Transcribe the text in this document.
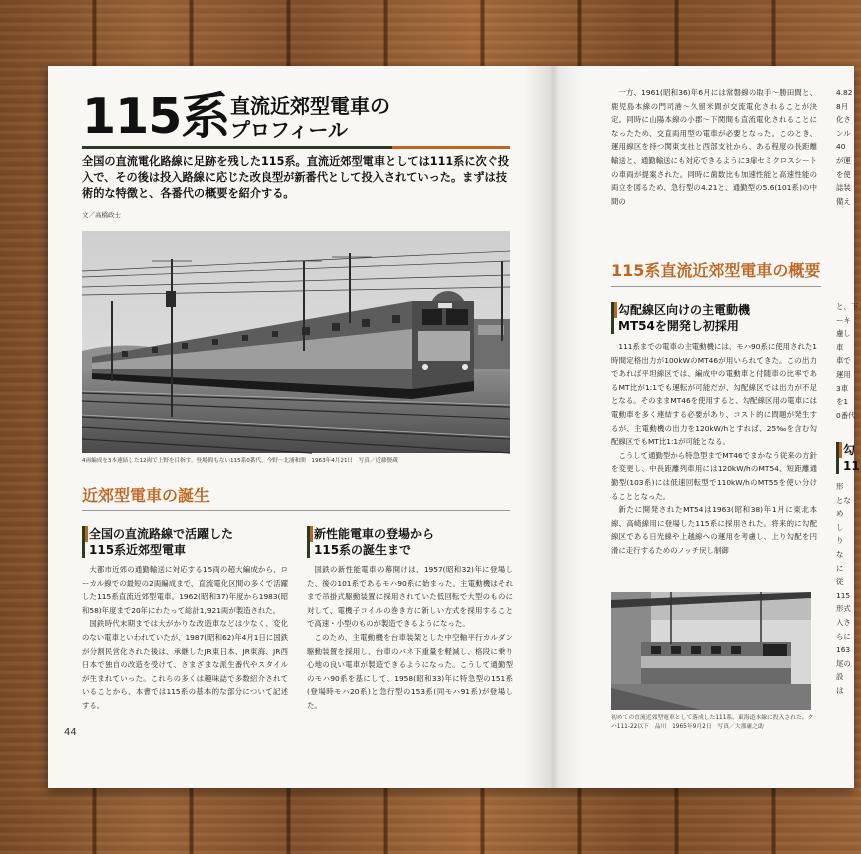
115系 直流近郊型電車の
プロフィール
全国の直流電化路線に足跡を残した115系。直流近郊型電車としては111系に次ぐ投入で、その後は投入路線に応じた改良型が新番代として投入されていった。まずは技術的な特徴と、各番代の概要を紹介する。
文／高橋政士
4両編成を3本連結した12両で上野を目指す。登場間もない115系0番代。今野〜北浦和間　1963年4月21日　写真／近藤賢蔵
近郊型電車の誕生
全国の直流路線で活躍した
115系近郊型電車

大都市近郊の通勤輸送に対応する15両の超大編成から、ローカル線での最短の2両編成まで、直流電化区間の多くで活躍した115系直流近郊型電車。1962(昭和37)年度から1983(昭和58)年度まで20年にわたって総計1,921両が製造された。

国鉄時代末期までは大がかりな改造車などは少なく、変化のない電車といわれていたが、1987(昭和62)年4月1日に国鉄が分割民営化された後は、承継したJR東日本、JR東海、JR西日本で独自の改造を受けて、さまざまな派生番代やスタイルが生まれていった。これらの多くは趣味誌で多数紹介されていることから、本書では115系の基本的な部分について記述する。

新性能電車の登場から
115系の誕生まで

国鉄の新性能電車の幕開けは、1957(昭和32)年に登場した、後の101系であるモハ90系に始まった。主電動機はそれまで吊掛式駆動装置に採用されていた低回転で大型のものに対して、電機子コイルの巻き方に新しい方式を採用することで高速・小型のものが製造できるようになった。

このため、主電動機を台車装架とした中空軸平行カルダン駆動装置を採用し、台車のバネ下重量を軽減し、格段に乗り心地の良い電車が製造できるようになった。こうして通勤型のモハ90系を基にして、1958(昭和33)年に特急型の151系(登場時モハ20系)と急行型の153系(同モハ91系)が登場した。

44

一方、1961(昭和36)年6月には常磐線の取手〜勝田間と、鹿児島本線の門司港〜久留米間が交流電化されることが決定。同時に山陽本線の小郡〜下関間も直流電化されることになったため、交直両用型の電車が必要となった。このとき、運用線区を持つ関東支社と西部支社から、ある程度の長距離輸送と、通勤輸送にも対応できるように3扉セミクロスシートの車両が提案された。同時に歯数比も加速性能と高速性能の両立を図るため、急行型の4.21と、通勤型の5.6(101系)の中間の

115系直流近郊型電車の概要
勾配線区向けの主電動機
MT54を開発し初採用

111系までの電車の主電動機には、モハ90系に使用された1時間定格出力が100kWのMT46が用いられてきた。この出力であれば平坦線区では、編成中の電動車と付随車の比率であるMT比が1:1でも運転が可能だが、勾配線区では出力が不足となる。そのままMT46を使用すると、勾配線区用の電車には電動車を多く連結する必要があり、コスト的に問題が発生するが、主電動機の出力を120kW/hとすれば、25‰を含む勾配線区でもMT比1:1が可能となる。

こうして通勤型から特急型までMT46でまかなう従来の方針を変更し、中長距離列車用には120kW/hのMT54、短距離通勤型(103系)には低速回転型で110kW/hのMT55を使い分けることとなった。

新たに開発されたMT54は1963(昭和38)年1月に東北本線、高崎線用に登場した115系に採用された。将来的に勾配線区である日光線や上越線への運用を考慮し、上り勾配を円滑に走行するためのノッチ戻し制御

初めての直流近郊型電車として落成した111系。東海道本線に投入された。クハ111-22以下　品川　1965年9月2日　写真／大那庸之助
4.82
8月
化さ
ンル
40
が運
を使
誌装
備え
と、下
ーキ
慮し
車
車で
運用
3車
を1
0番代
勾
11
形
とな
め
し
り
な
に
従
115
形式
入さ
らに
163
尾の
設
は
